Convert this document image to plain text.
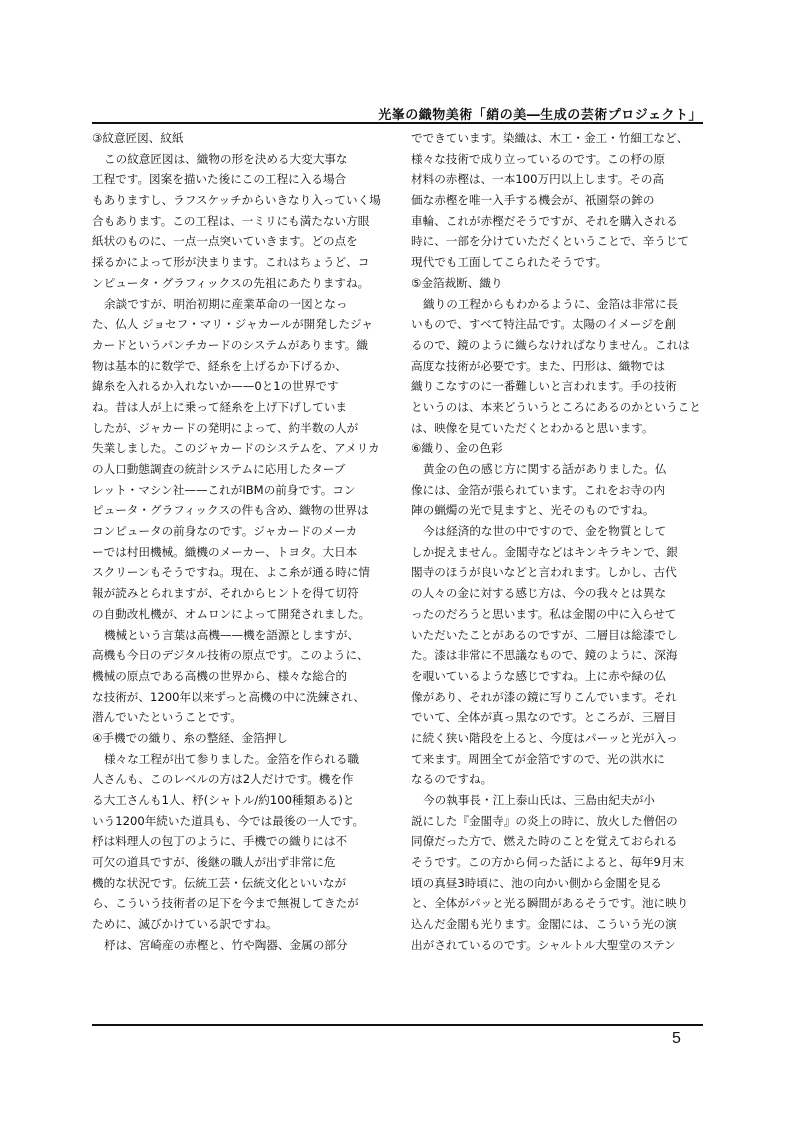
光峯の織物美術「綃の美―生成の芸術プロジェクト」
③紋意匠図、紋紙
この紋意匠図は、織物の形を決める大変大事な
工程です。図案を描いた後にこの工程に入る場合
もありますし、ラフスケッチからいきなり入っていく場
合もあります。この工程は、一ミリにも満たない方眼
紙状のものに、一点一点突いていきます。どの点を
採るかによって形が決まります。これはちょうど、コ
ンピュータ・グラフィックスの先祖にあたりますね。
余談ですが、明治初期に産業革命の一図となっ
た、仏人 ジョセフ・マリ・ジャカールが開発したジャ
カードというパンチカードのシステムがあります。織
物は基本的に数学で、経糸を上げるか下げるか、
緯糸を入れるか入れないか——0と1の世界です
ね。昔は人が上に乗って経糸を上げ下げしていま
したが、ジャカードの発明によって、約半数の人が
失業しました。このジャカードのシステムを、アメリカ
の人口動態調査の統計システムに応用したターブ
レット・マシン社——これがIBMの前身です。コン
ピュータ・グラフィックスの件も含め、織物の世界は
コンピュータの前身なのです。ジャカードのメーカ
ーでは村田機械。織機のメーカー、トヨタ。大日本
スクリーンもそうですね。現在、よこ糸が通る時に情
報が読みとられますが、それからヒントを得て切符
の自動改札機が、オムロンによって開発されました。
機械という言葉は高機——機を語源としますが、
高機も今日のデジタル技術の原点です。このように、
機械の原点である高機の世界から、様々な総合的
な技術が、1200年以来ずっと高機の中に洗練され、
潜んでいたということです。
④手機での織り、糸の整経、金箔押し
様々な工程が出て参りました。金箔を作られる職
人さんも、このレベルの方は2人だけです。機を作
る大工さんも1人、杼(シャトル/約100種類ある)と
いう1200年続いた道具も、今では最後の一人です。
杼は料理人の包丁のように、手機での織りには不
可欠の道具ですが、後継の職人が出ず非常に危
機的な状況です。伝統工芸・伝統文化といいなが
ら、こういう技術者の足下を今まで無視してきたが
ために、滅びかけている訳ですね。
杼は、宮崎産の赤樫と、竹や陶器、金属の部分
でできています。染織は、木工・金工・竹細工など、
様々な技術で成り立っているのです。この杼の原
材料の赤樫は、一本100万円以上します。その高
価な赤樫を唯一入手する機会が、祇園祭の鉾の
車輪、これが赤樫だそうですが、それを購入される
時に、一部を分けていただくということで、辛うじて
現代でも工面してこられたそうです。
⑤金箔裁断、織り
織りの工程からもわかるように、金箔は非常に長
いもので、すべて特注品です。太陽のイメージを創
るので、鏡のように織らなければなりません。これは
高度な技術が必要です。また、円形は、織物では
織りこなすのに一番難しいと言われます。手の技術
というのは、本来どういうところにあるのかということ
は、映像を見ていただくとわかると思います。
⑥織り、金の色彩
黄金の色の感じ方に関する話がありました。仏
像には、金箔が張られています。これをお寺の内
陣の蝋燭の光で見ますと、光そのものですね。
今は経済的な世の中ですので、金を物質として
しか捉えません。金閣寺などはキンキラキンで、銀
閣寺のほうが良いなどと言われます。しかし、古代
の人々の金に対する感じ方は、今の我々とは異な
ったのだろうと思います。私は金閣の中に入らせて
いただいたことがあるのですが、二層目は総漆でし
た。漆は非常に不思議なもので、鏡のように、深海
を覗いているような感じですね。上に赤や緑の仏
像があり、それが漆の鏡に写りこんでいます。それ
でいて、全体が真っ黒なのです。ところが、三層目
に続く狭い階段を上ると、今度はパーッと光が入っ
て来ます。周囲全てが金箔ですので、光の洪水に
なるのですね。
今の執事長・江上泰山氏は、三島由紀夫が小
説にした『金閣寺』の炎上の時に、放火した僧侶の
同僚だった方で、燃えた時のことを覚えておられる
そうです。この方から伺った話によると、毎年9月末
頃の真昼3時頃に、池の向かい側から金閣を見る
と、全体がパッと光る瞬間があるそうです。池に映り
込んだ金閣も光ります。金閣には、こういう光の演
出がされているのです。シャルトル大聖堂のステン
5
